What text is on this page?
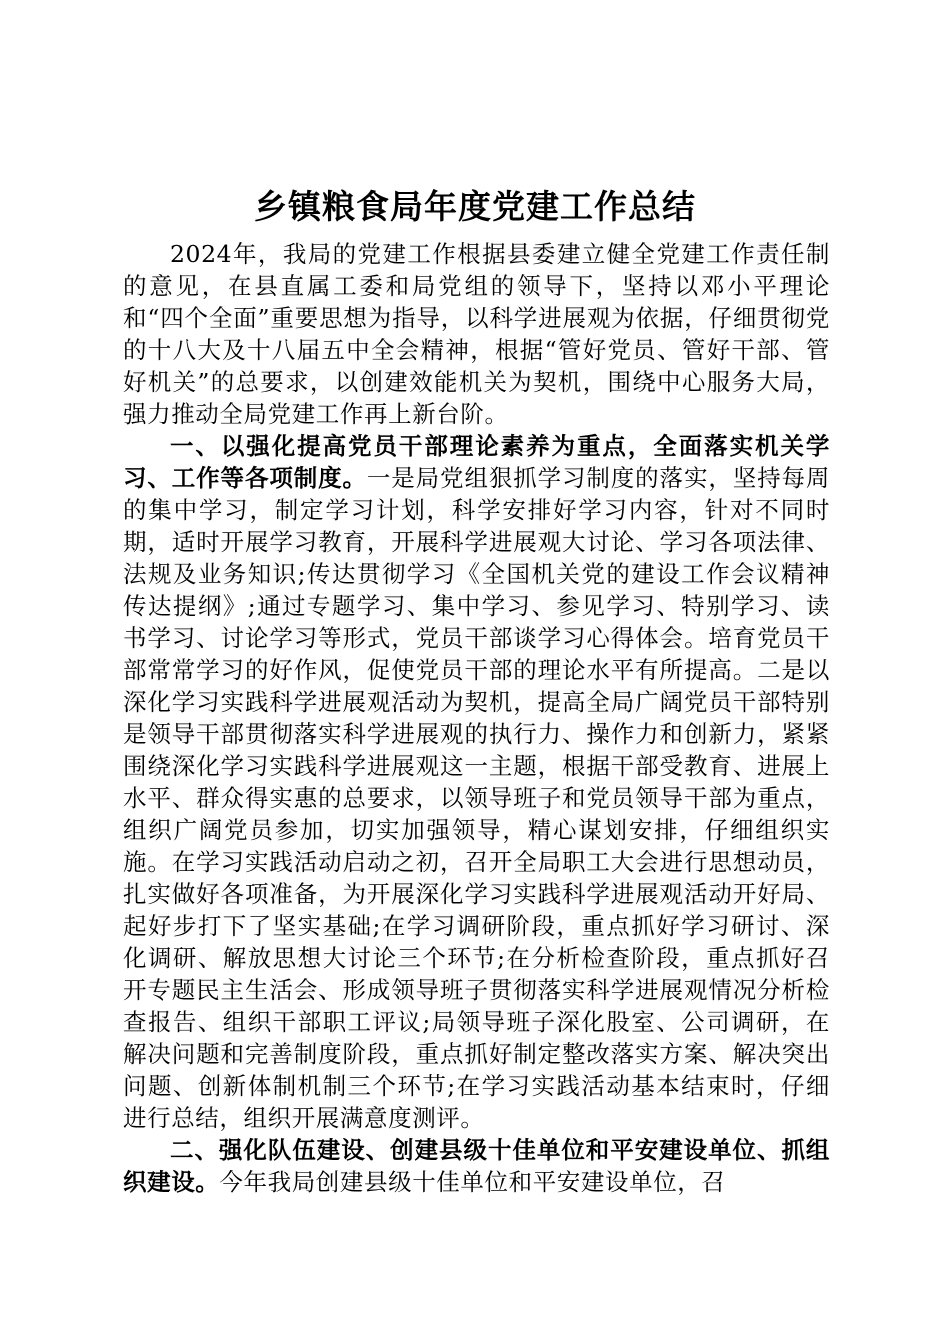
乡镇粮食局年度党建工作总结

2024年，我局的党建工作根据县委建立健全党建工作责任制的意见，在县直属工委和局党组的领导下，坚持以邓小平理论和“四个全面”重要思想为指导，以科学进展观为依据，仔细贯彻党的十八大及十八届五中全会精神，根据“管好党员、管好干部、管好机关”的总要求，以创建效能机关为契机，围绕中心服务大局，强力推动全局党建工作再上新台阶。

一、以强化提高党员干部理论素养为重点，全面落实机关学习、工作等各项制度。一是局党组狠抓学习制度的落实，坚持每周的集中学习，制定学习计划，科学安排好学习内容，针对不同时期，适时开展学习教育，开展科学进展观大讨论、学习各项法律、法规及业务知识;传达贯彻学习《全国机关党的建设工作会议精神传达提纲》;通过专题学习、集中学习、参见学习、特别学习、读书学习、讨论学习等形式，党员干部谈学习心得体会。培育党员干部常常学习的好作风，促使党员干部的理论水平有所提高。二是以深化学习实践科学进展观活动为契机，提高全局广阔党员干部特别是领导干部贯彻落实科学进展观的执行力、操作力和创新力，紧紧围绕深化学习实践科学进展观这一主题，根据干部受教育、进展上水平、群众得实惠的总要求，以领导班子和党员领导干部为重点，组织广阔党员参加，切实加强领导，精心谋划安排，仔细组织实施。在学习实践活动启动之初，召开全局职工大会进行思想动员，扎实做好各项准备，为开展深化学习实践科学进展观活动开好局、起好步打下了坚实基础;在学习调研阶段，重点抓好学习研讨、深化调研、解放思想大讨论三个环节;在分析检查阶段，重点抓好召开专题民主生活会、形成领导班子贯彻落实科学进展观情况分析检查报告、组织干部职工评议;局领导班子深化股室、公司调研，在解决问题和完善制度阶段，重点抓好制定整改落实方案、解决突出问题、创新体制机制三个环节;在学习实践活动基本结束时，仔细进行总结，组织开展满意度测评。

二、强化队伍建设、创建县级十佳单位和平安建设单位、抓组织建设。今年我局创建县级十佳单位和平安建设单位，召
